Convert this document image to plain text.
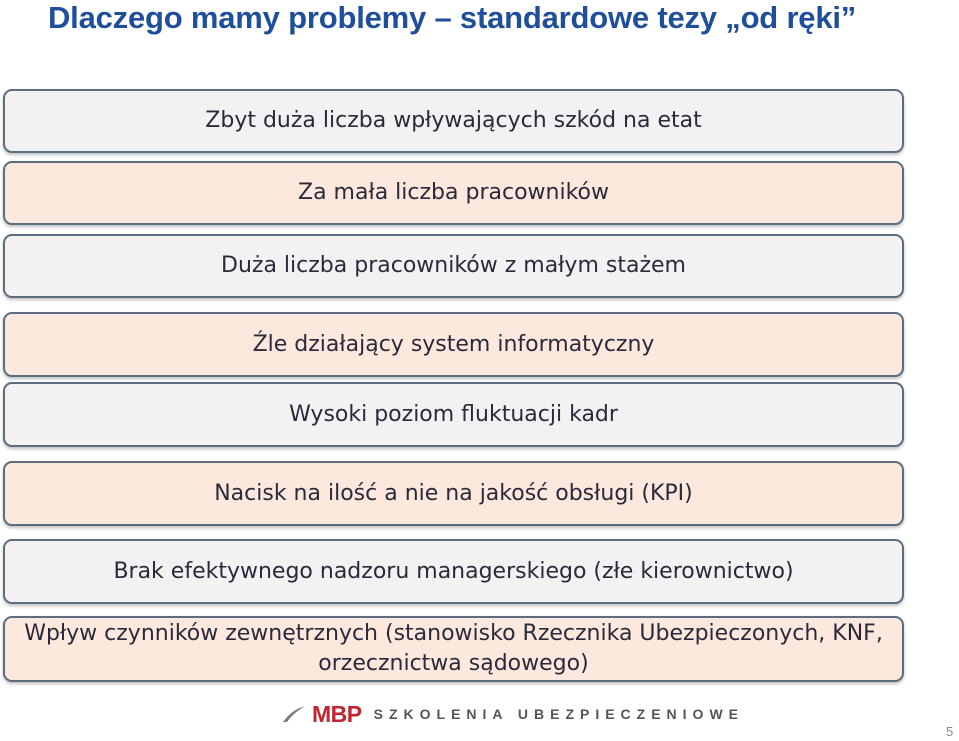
Dlaczego mamy problemy – standardowe tezy „od ręki”
Zbyt duża liczba wpływających szkód na etat
Za mała liczba pracowników
Duża liczba pracowników z małym stażem
Źle działający system informatyczny
Wysoki poziom fluktuacji kadr
Nacisk na ilość a nie na jakość obsługi (KPI)
Brak efektywnego nadzoru managerskiego (złe kierownictwo)
Wpływ czynników zewnętrznych (stanowisko Rzecznika Ubezpieczonych, KNF,
orzecznictwa sądowego)
MBP SZKOLENIA UBEZPIECZENIOWE
5
